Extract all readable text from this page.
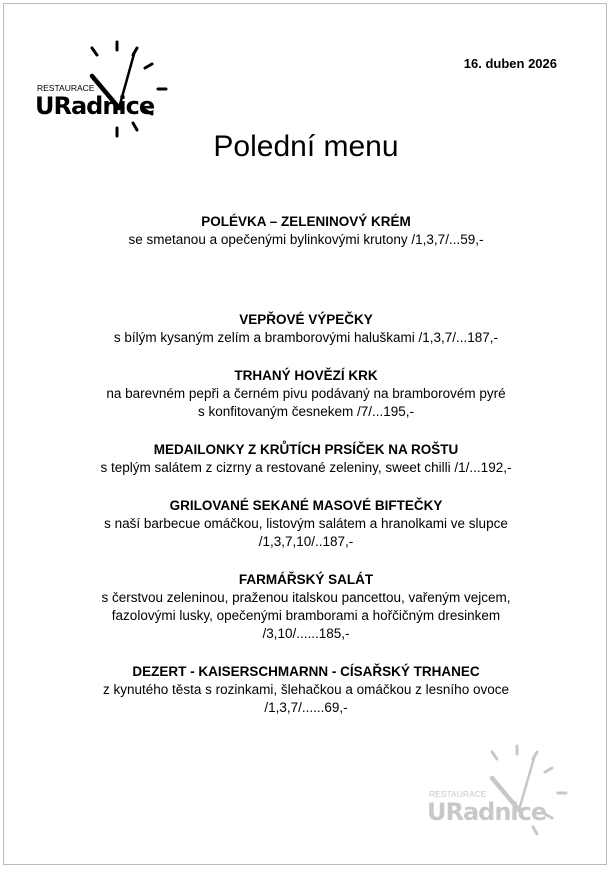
RESTAURACE
URadnice
16. duben 2026
Polední menu
POLÉVKA – ZELENINOVÝ KRÉM

se smetanou a opečenými bylinkovými krutony /1,3,7/...59,-

VEPŘOVÉ VÝPEČKY

s bílým kysaným zelím a bramborovými haluškami /1,3,7/...187,-

TRHANÝ HOVĚZÍ KRK

na barevném pepři a černém pivu podávaný na bramborovém pyré

s konfitovaným česnekem /7/...195,-

MEDAILONKY Z KRŮTÍCH PRSÍČEK NA ROŠTU

s teplým salátem z cizrny a restované zeleniny, sweet chilli /1/...192,-

GRILOVANÉ SEKANÉ MASOVÉ BIFTEČKY

s naší barbecue omáčkou, listovým salátem a hranolkami ve slupce

/1,3,7,10/..187,-

FARMÁŘSKÝ SALÁT

s čerstvou zeleninou, praženou italskou pancettou, vařeným vejcem,

fazolovými lusky, opečenými bramborami a hořčičným dresinkem

/3,10/......185,-

DEZERT - KAISERSCHMARNN - CÍSAŘSKÝ TRHANEC

z kynutého těsta s rozinkami, šlehačkou a omáčkou z lesního ovoce

/1,3,7/......69,-

RESTAURACE
URadnice
